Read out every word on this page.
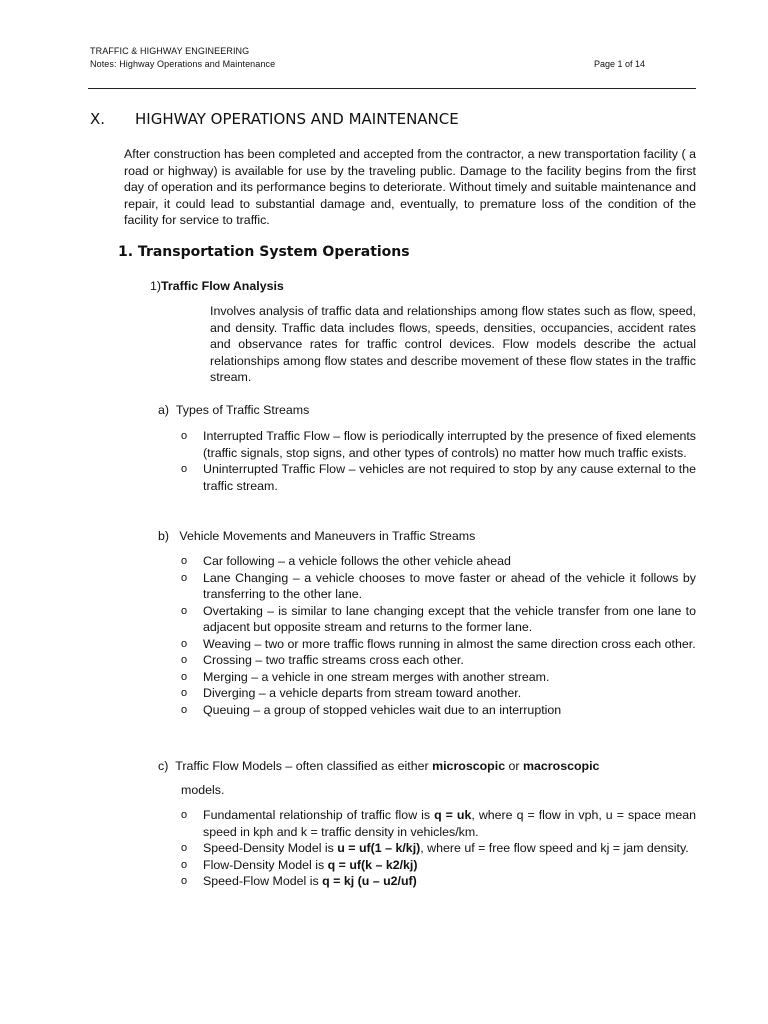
TRAFFIC & HIGHWAY ENGINEERING
Notes: Highway Operations and Maintenance	Page 1 of 14
X. HIGHWAY OPERATIONS AND MAINTENANCE
After construction has been completed and accepted from the contractor, a new transportation facility ( a road or highway) is available for use by the traveling public. Damage to the facility begins from the first day of operation and its performance begins to deteriorate. Without timely and suitable maintenance and repair, it could lead to substantial damage and, eventually, to premature loss of the condition of the facility for service to traffic.
1. Transportation System Operations
1)Traffic Flow Analysis
Involves analysis of traffic data and relationships among flow states such as flow, speed, and density. Traffic data includes flows, speeds, densities, occupancies, accident rates and observance rates for traffic control devices. Flow models describe the actual relationships among flow states and describe movement of these flow states in the traffic stream.
a) Types of Traffic Streams
o Interrupted Traffic Flow – flow is periodically interrupted by the presence of fixed elements (traffic signals, stop signs, and other types of controls) no matter how much traffic exists.
o Uninterrupted Traffic Flow – vehicles are not required to stop by any cause external to the traffic stream.
b) Vehicle Movements and Maneuvers in Traffic Streams
o Car following – a vehicle follows the other vehicle ahead
o Lane Changing – a vehicle chooses to move faster or ahead of the vehicle it follows by transferring to the other lane.
o Overtaking – is similar to lane changing except that the vehicle transfer from one lane to adjacent but opposite stream and returns to the former lane.
o Weaving – two or more traffic flows running in almost the same direction cross each other.
o Crossing – two traffic streams cross each other.
o Merging – a vehicle in one stream merges with another stream.
o Diverging – a vehicle departs from stream toward another.
o Queuing – a group of stopped vehicles wait due to an interruption
c) Traffic Flow Models – often classified as either microscopic or macroscopic
models.
o Fundamental relationship of traffic flow is q = uk, where q = flow in vph, u = space mean speed in kph and k = traffic density in vehicles/km.
o Speed-Density Model is u = uf(1 – k/kj), where uf = free flow speed and kj = jam density.
o Flow-Density Model is q = uf(k – k2/kj)
o Speed-Flow Model is q = kj (u – u2/uf)
